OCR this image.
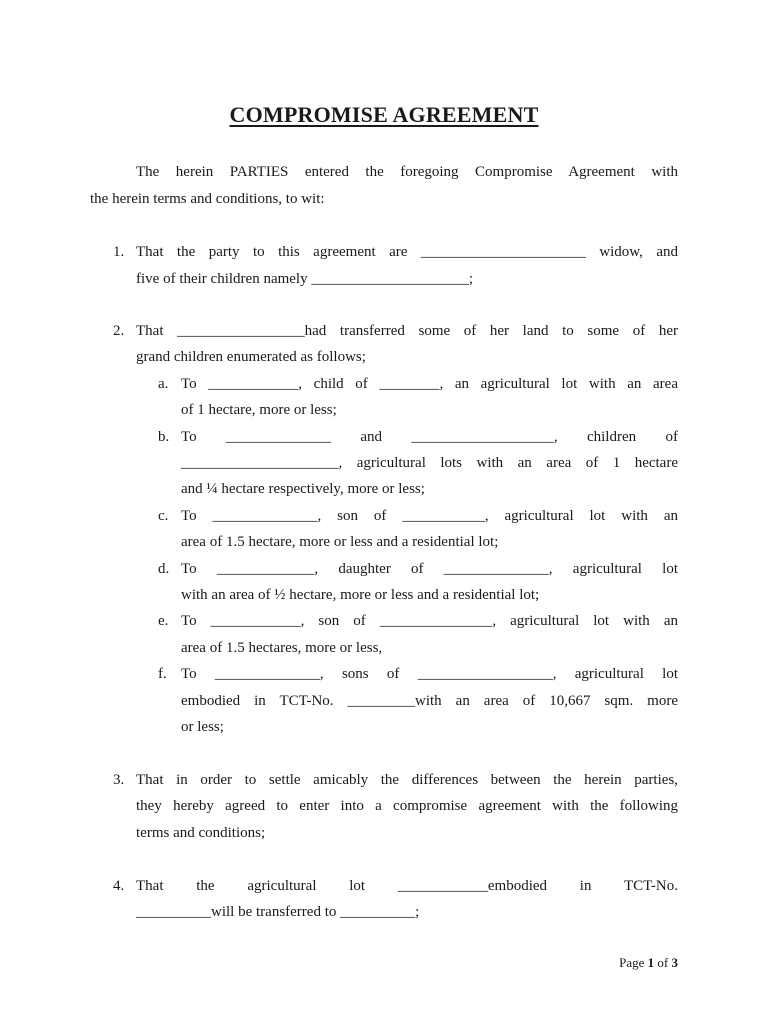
COMPROMISE AGREEMENT
The herein PARTIES entered the foregoing Compromise Agreement with
the herein terms and conditions, to wit:
1. That the party to this agreement are ______________________ widow, and
five of their children namely _____________________;
2. That _________________had transferred some of her land to some of her
grand children enumerated as follows;
a. To ____________, child of ________, an agricultural lot with an area
of 1 hectare, more or less;
b. To ______________ and ___________________, children of
_____________________, agricultural lots with an area of 1 hectare
and ¼ hectare respectively, more or less;
c. To ______________, son of ___________, agricultural lot with an
area of 1.5 hectare, more or less and a residential lot;
d. To _____________, daughter of ______________, agricultural lot
with an area of ½ hectare, more or less and a residential lot;
e. To ____________, son of _______________, agricultural lot with an
area of 1.5 hectares, more or less,
f. To ______________, sons of __________________, agricultural lot
embodied in TCT-No. _________with an area of 10,667 sqm. more
or less;
3. That in order to settle amicably the differences between the herein parties,
they hereby agreed to enter into a compromise agreement with the following
terms and conditions;
4. That the agricultural lot ____________embodied in TCT-No.
__________will be transferred to __________;
Page 1 of 3
